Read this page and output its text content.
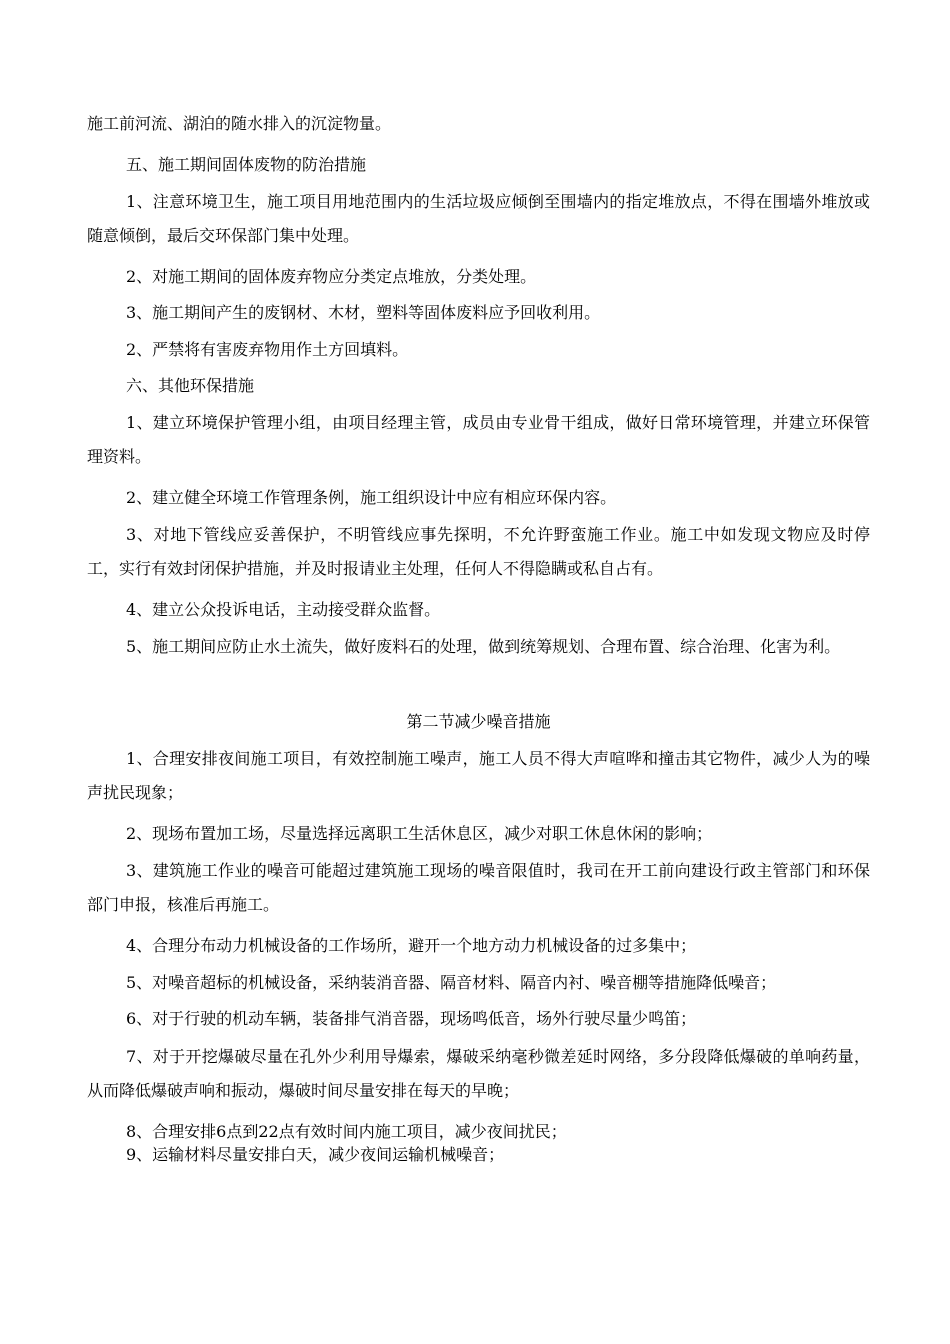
施工前河流、湖泊的随水排入的沉淀物量。
五、施工期间固体废物的防治措施
1、注意环境卫生，施工项目用地范围内的生活垃圾应倾倒至围墙内的指定堆放点，不得在围墙外堆放或随意倾倒，最后交环保部门集中处理。
2、对施工期间的固体废弃物应分类定点堆放，分类处理。
3、施工期间产生的废钢材、木材，塑料等固体废料应予回收利用。
2、严禁将有害废弃物用作土方回填料。
六、其他环保措施
1、建立环境保护管理小组，由项目经理主管，成员由专业骨干组成，做好日常环境管理，并建立环保管理资料。
2、建立健全环境工作管理条例，施工组织设计中应有相应环保内容。
3、对地下管线应妥善保护，不明管线应事先探明，不允许野蛮施工作业。施工中如发现文物应及时停工，实行有效封闭保护措施，并及时报请业主处理，任何人不得隐瞒或私自占有。
4、建立公众投诉电话，主动接受群众监督。
5、施工期间应防止水土流失，做好废料石的处理，做到统筹规划、合理布置、综合治理、化害为利。
第二节减少噪音措施
1、合理安排夜间施工项目，有效控制施工噪声，施工人员不得大声喧哗和撞击其它物件，减少人为的噪声扰民现象；
2、现场布置加工场，尽量选择远离职工生活休息区，减少对职工休息休闲的影响；
3、建筑施工作业的噪音可能超过建筑施工现场的噪音限值时，我司在开工前向建设行政主管部门和环保部门申报，核准后再施工。
4、合理分布动力机械设备的工作场所，避开一个地方动力机械设备的过多集中；
5、对噪音超标的机械设备，采纳装消音器、隔音材料、隔音内衬、噪音棚等措施降低噪音；
6、对于行驶的机动车辆，装备排气消音器，现场鸣低音，场外行驶尽量少鸣笛；
7、对于开挖爆破尽量在孔外少利用导爆索，爆破采纳毫秒微差延时网络，多分段降低爆破的单响药量，从而降低爆破声响和振动，爆破时间尽量安排在每天的早晚；
8、合理安排6点到22点有效时间内施工项目，减少夜间扰民；
9、运输材料尽量安排白天，减少夜间运输机械噪音；
